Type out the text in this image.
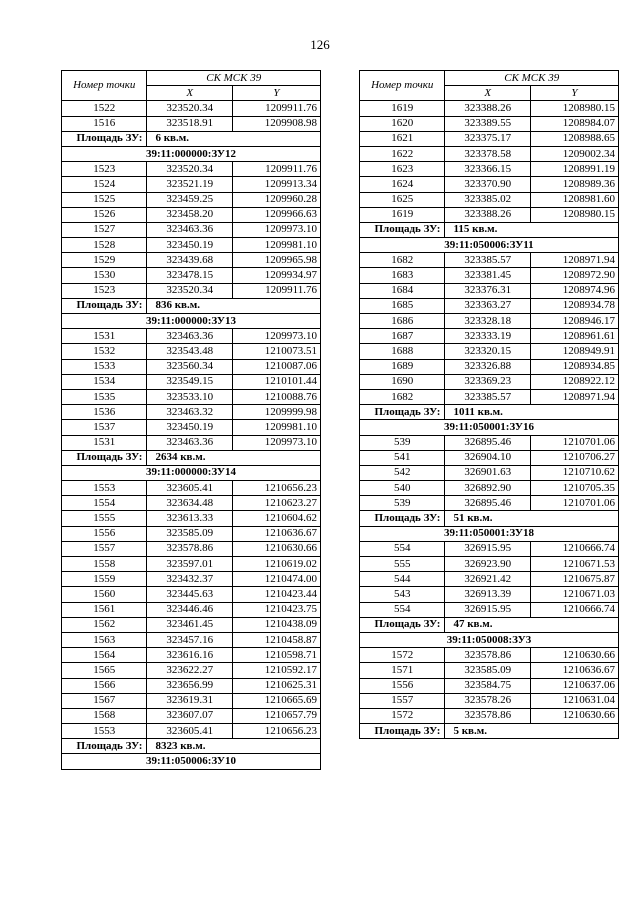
126
Номер точки	СК МСК 39	
	X	Y
1522	323520.34	1209911.76
1516	323518.91	1209908.98
Площадь ЗУ:	6 кв.м.	
39:11:000000:ЗУ12		
1523	323520.34	1209911.76
1524	323521.19	1209913.34
1525	323459.25	1209960.28
1526	323458.20	1209966.63
1527	323463.36	1209973.10
1528	323450.19	1209981.10
1529	323439.68	1209965.98
1530	323478.15	1209934.97
1523	323520.34	1209911.76
Площадь ЗУ:	836 кв.м.	
39:11:000000:ЗУ13		
1531	323463.36	1209973.10
1532	323543.48	1210073.51
1533	323560.34	1210087.06
1534	323549.15	1210101.44
1535	323533.10	1210088.76
1536	323463.32	1209999.98
1537	323450.19	1209981.10
1531	323463.36	1209973.10
Площадь ЗУ:	2634 кв.м.	
39:11:000000:ЗУ14		
1553	323605.41	1210656.23
1554	323634.48	1210623.27
1555	323613.33	1210604.62
1556	323585.09	1210636.67
1557	323578.86	1210630.66
1558	323597.01	1210619.02
1559	323432.37	1210474.00
1560	323445.63	1210423.44
1561	323446.46	1210423.75
1562	323461.45	1210438.09
1563	323457.16	1210458.87
1564	323616.16	1210598.71
1565	323622.27	1210592.17
1566	323656.99	1210625.31
1567	323619.31	1210665.69
1568	323607.07	1210657.79
1553	323605.41	1210656.23
Площадь ЗУ:	8323 кв.м.	
39:11:050006:ЗУ10		
Номер точки	СК МСК 39	
	X	Y
1619	323388.26	1208980.15
1620	323389.55	1208984.07
1621	323375.17	1208988.65
1622	323378.58	1209002.34
1623	323366.15	1208991.19
1624	323370.90	1208989.36
1625	323385.02	1208981.60
1619	323388.26	1208980.15
Площадь ЗУ:	115 кв.м.	
39:11:050006:ЗУ11		
1682	323385.57	1208971.94
1683	323381.45	1208972.90
1684	323376.31	1208974.96
1685	323363.27	1208934.78
1686	323328.18	1208946.17
1687	323333.19	1208961.61
1688	323320.15	1208949.91
1689	323326.88	1208934.85
1690	323369.23	1208922.12
1682	323385.57	1208971.94
Площадь ЗУ:	1011 кв.м.	
39:11:050001:ЗУ16		
539	326895.46	1210701.06
541	326904.10	1210706.27
542	326901.63	1210710.62
540	326892.90	1210705.35
539	326895.46	1210701.06
Площадь ЗУ:	51 кв.м.	
39:11:050001:ЗУ18		
554	326915.95	1210666.74
555	326923.90	1210671.53
544	326921.42	1210675.87
543	326913.39	1210671.03
554	326915.95	1210666.74
Площадь ЗУ:	47 кв.м.	
39:11:050008:ЗУ3		
1572	323578.86	1210630.66
1571	323585.09	1210636.67
1556	323584.75	1210637.06
1557	323578.26	1210631.04
1572	323578.86	1210630.66
Площадь ЗУ:	5 кв.м.	
